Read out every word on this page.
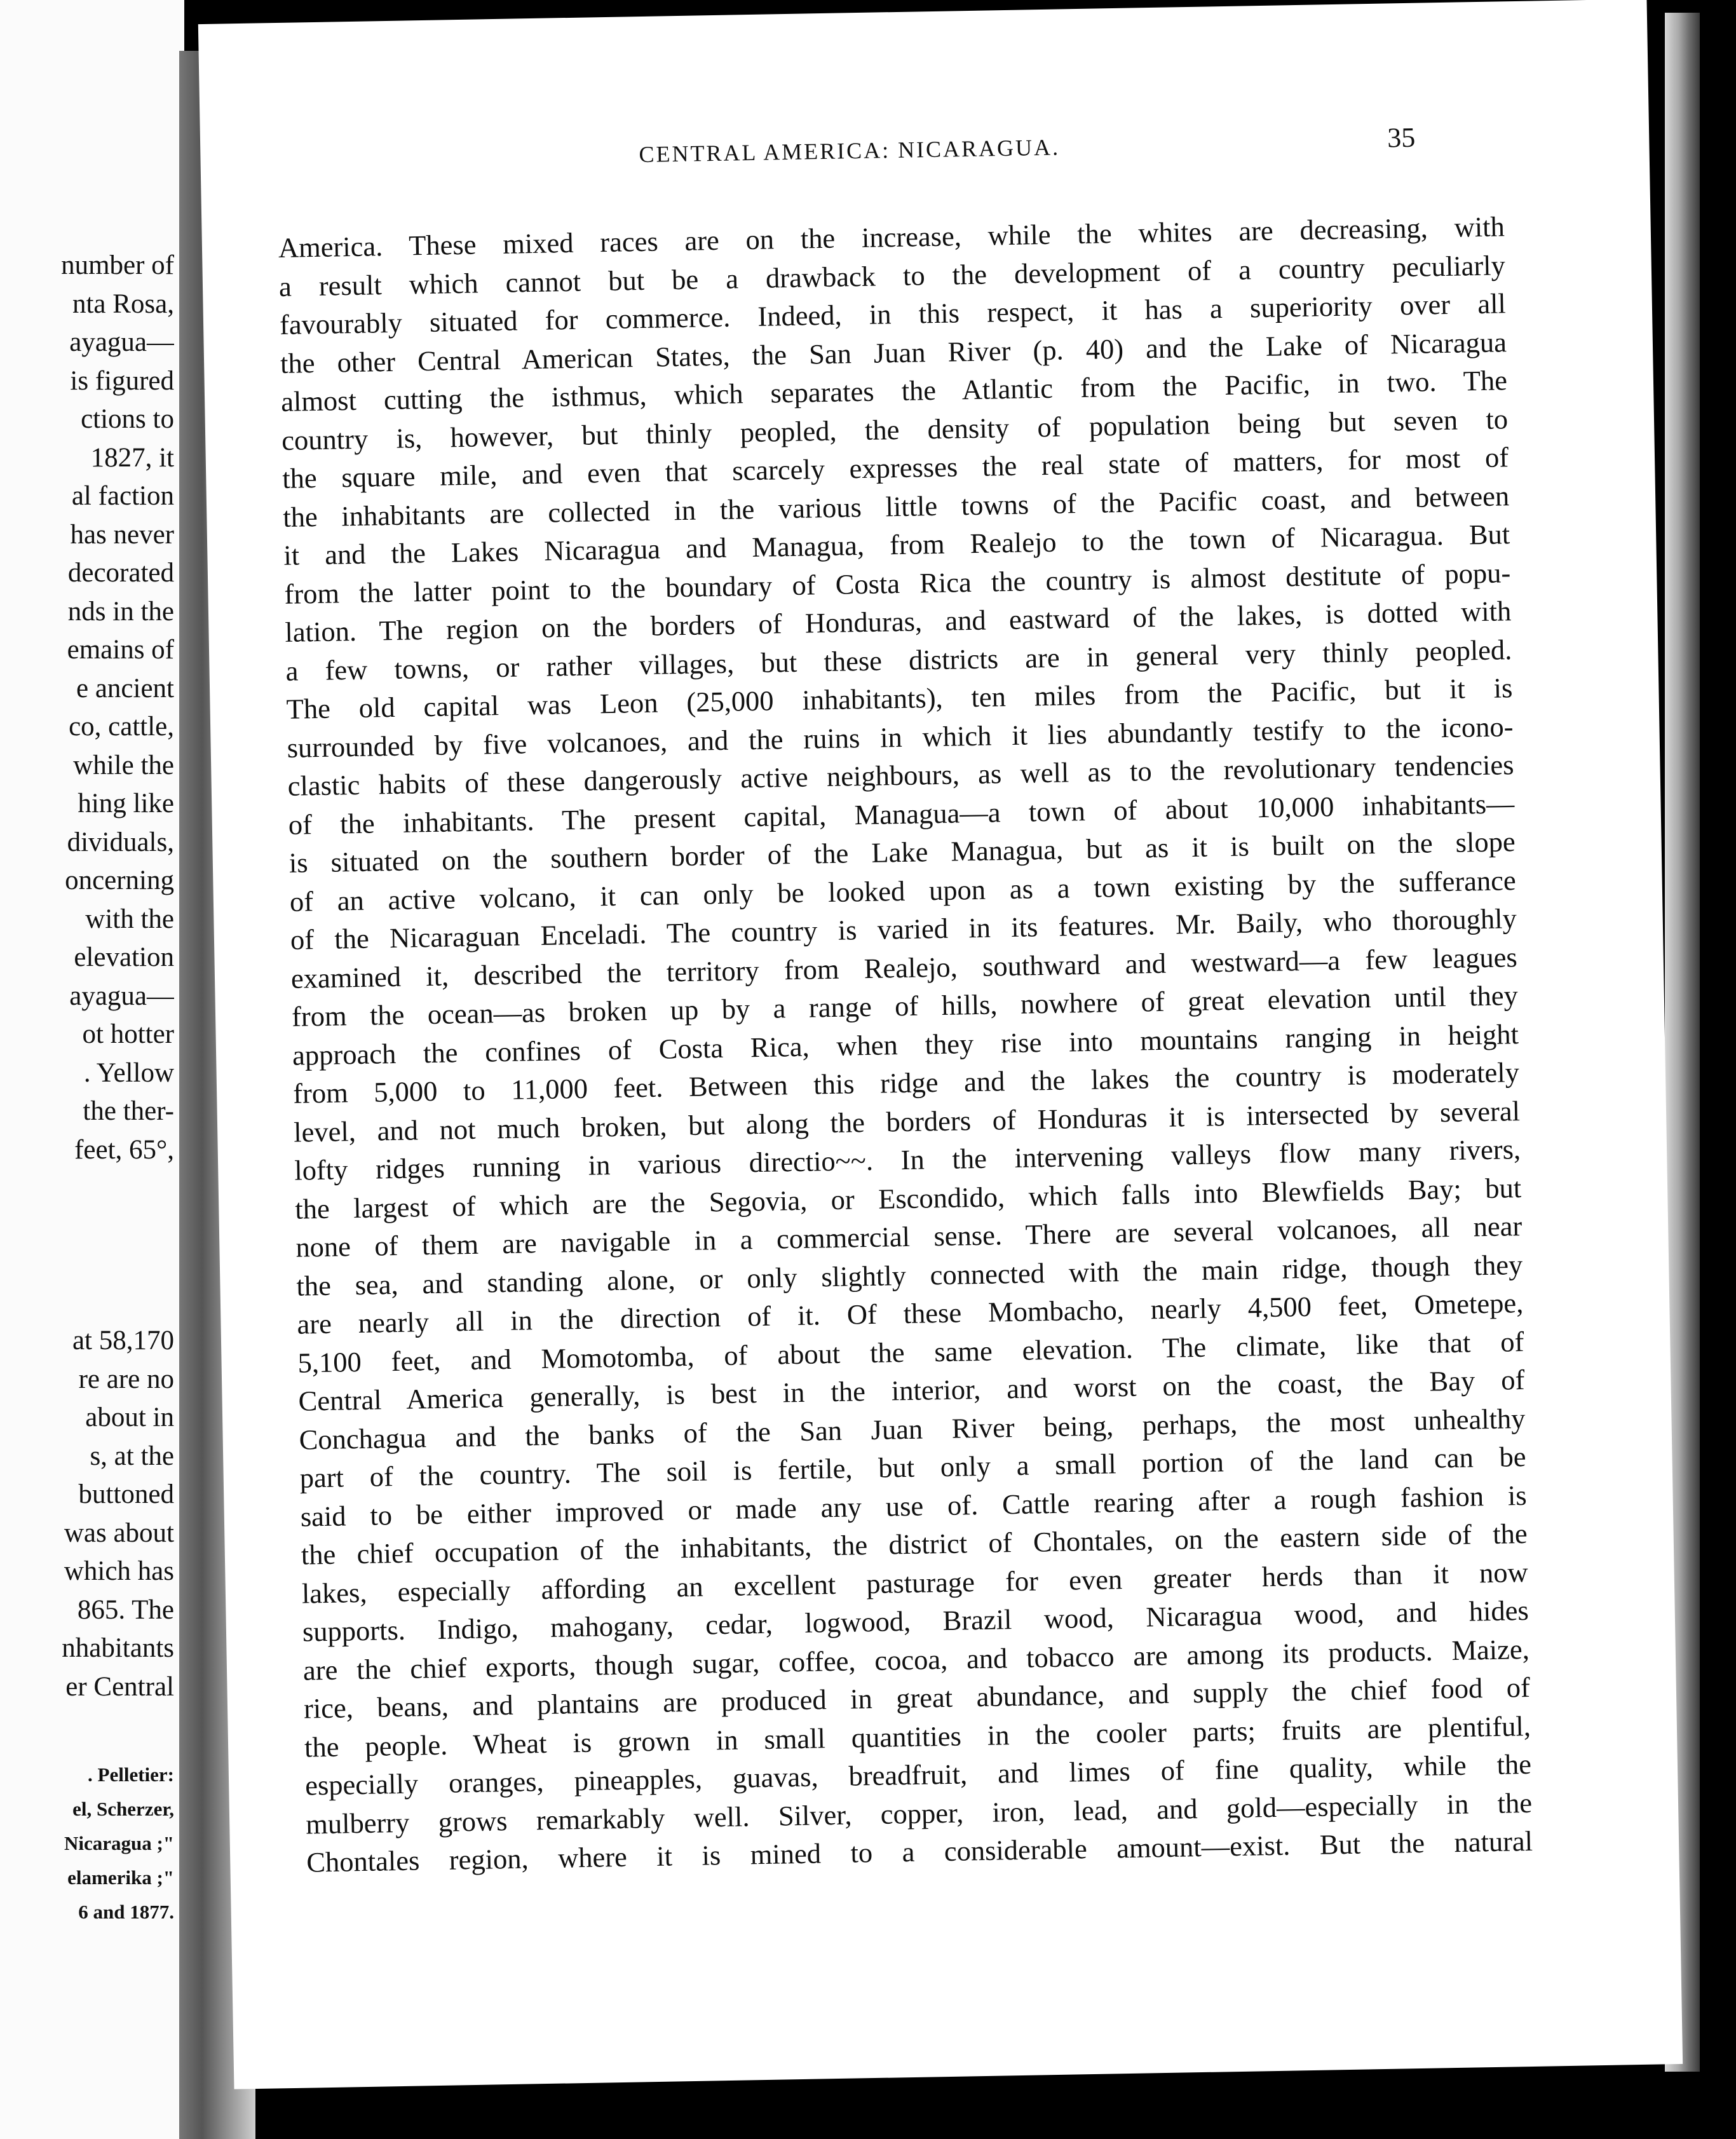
number of
nta Rosa,
ayagua—
is figured
ctions to
1827, it
al faction
has never
decorated
nds in the
emains of
e ancient
co, cattle,
while the
hing like
dividuals,
oncerning
with the
elevation
ayagua—
ot hotter
. Yellow
the ther-
feet, 65°,
at 58,170
re are no
about in
s, at the
buttoned
was about
which has
865. The
nhabitants
er Central
. Pelletier:
el, Scherzer,
Nicaragua ;"
elamerika ;"
6 and 1877.
CENTRAL AMERICA: NICARAGUA.	35
America. These mixed races are on the increase, while the whites are decreasing, with
a result which cannot but be a drawback to the development of a country peculiarly
favourably situated for commerce. Indeed, in this respect, it has a superiority over all
the other Central American States, the San Juan River (p. 40) and the Lake of Nicaragua
almost cutting the isthmus, which separates the Atlantic from the Pacific, in two. The
country is, however, but thinly peopled, the density of population being but seven to
the square mile, and even that scarcely expresses the real state of matters, for most of
the inhabitants are collected in the various little towns of the Pacific coast, and between
it and the Lakes Nicaragua and Managua, from Realejo to the town of Nicaragua. But
from the latter point to the boundary of Costa Rica the country is almost destitute of popu-
lation. The region on the borders of Honduras, and eastward of the lakes, is dotted with
a few towns, or rather villages, but these districts are in general very thinly peopled.
The old capital was Leon (25,000 inhabitants), ten miles from the Pacific, but it is
surrounded by five volcanoes, and the ruins in which it lies abundantly testify to the icono-
clastic habits of these dangerously active neighbours, as well as to the revolutionary tendencies
of the inhabitants. The present capital, Managua—a town of about 10,000 inhabitants—
is situated on the southern border of the Lake Managua, but as it is built on the slope
of an active volcano, it can only be looked upon as a town existing by the sufferance
of the Nicaraguan Enceladi. The country is varied in its features. Mr. Baily, who thoroughly
examined it, described the territory from Realejo, southward and westward—a few leagues
from the ocean—as broken up by a range of hills, nowhere of great elevation until they
approach the confines of Costa Rica, when they rise into mountains ranging in height
from 5,000 to 11,000 feet. Between this ridge and the lakes the country is moderately
level, and not much broken, but along the borders of Honduras it is intersected by several
lofty ridges running in various directio~~. In the intervening valleys flow many rivers,
the largest of which are the Segovia, or Escondido, which falls into Blewfields Bay; but
none of them are navigable in a commercial sense. There are several volcanoes, all near
the sea, and standing alone, or only slightly connected with the main ridge, though they
are nearly all in the direction of it. Of these Mombacho, nearly 4,500 feet, Ometepe,
5,100 feet, and Momotomba, of about the same elevation. The climate, like that of
Central America generally, is best in the interior, and worst on the coast, the Bay of
Conchagua and the banks of the San Juan River being, perhaps, the most unhealthy
part of the country. The soil is fertile, but only a small portion of the land can be
said to be either improved or made any use of. Cattle rearing after a rough fashion is
the chief occupation of the inhabitants, the district of Chontales, on the eastern side of the
lakes, especially affording an excellent pasturage for even greater herds than it now
supports. Indigo, mahogany, cedar, logwood, Brazil wood, Nicaragua wood, and hides
are the chief exports, though sugar, coffee, cocoa, and tobacco are among its products. Maize,
rice, beans, and plantains are produced in great abundance, and supply the chief food of
the people. Wheat is grown in small quantities in the cooler parts; fruits are plentiful,
especially oranges, pineapples, guavas, breadfruit, and limes of fine quality, while the
mulberry grows remarkably well. Silver, copper, iron, lead, and gold—especially in the
Chontales region, where it is mined to a considerable amount—exist. But the natural
